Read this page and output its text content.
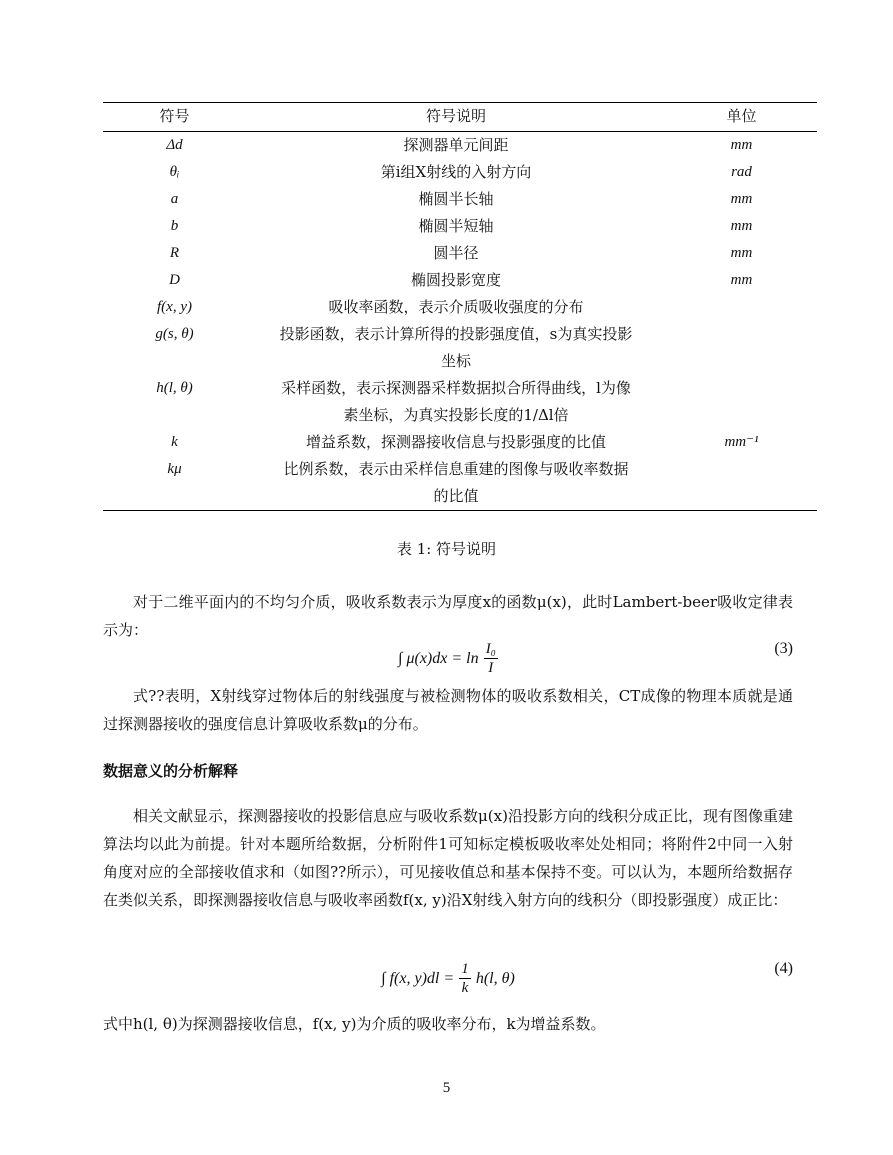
符号	符号说明	单位
Δd	探测器单元间距	mm
θᵢ	第i组X射线的入射方向	rad
a	椭圆半长轴	mm
b	椭圆半短轴	mm
R	圆半径	mm
D	椭圆投影宽度	mm
f(x, y)	吸收率函数，表示介质吸收强度的分布
g(s, θ)	投影函数，表示计算所得的投影强度值，s为真实投影
坐标
h(l, θ)	采样函数，表示探测器采样数据拟合所得曲线，l为像
素坐标，为真实投影长度的1/Δl倍
k	增益系数，探测器接收信息与投影强度的比值	mm⁻¹
kμ	比例系数，表示由采样信息重建的图像与吸收率数据
的比值
表 1: 符号说明
对于二维平面内的不均匀介质，吸收系数表示为厚度x的函数μ(x)，此时Lambert-beer吸收定律表示为：
∫ $\mu(x)dx = \ln \frac{\text{I₀}}{I}$	(3)
式??表明，X射线穿过物体后的射线强度与被检测物体的吸收系数相关，CT成像的物理本质就是通过探测器接收的强度信息计算吸收系数μ的分布。
数据意义的分析解释
相关文献显示，探测器接收的投影信息应与吸收系数μ(x)沿投影方向的线积分成正比，现有图像重建算法均以此为前提。针对本题所给数据，分析附件1可知标定模板吸收率处处相同；将附件2中同一入射角度对应的全部接收值求和（如图??所示），可见接收值总和基本保持不变。可以认为，本题所给数据存在类似关系，即探测器接收信息与吸收率函数f(x, y)沿X射线入射方向的线积分（即投影强度）成正比：
∫ f(x, $y)dl = \frac{1}{k} h(l$, θ)
(4)
式中h(l, θ)为探测器接收信息，f(x, y)为介质的吸收率分布，k为增益系数。
5
